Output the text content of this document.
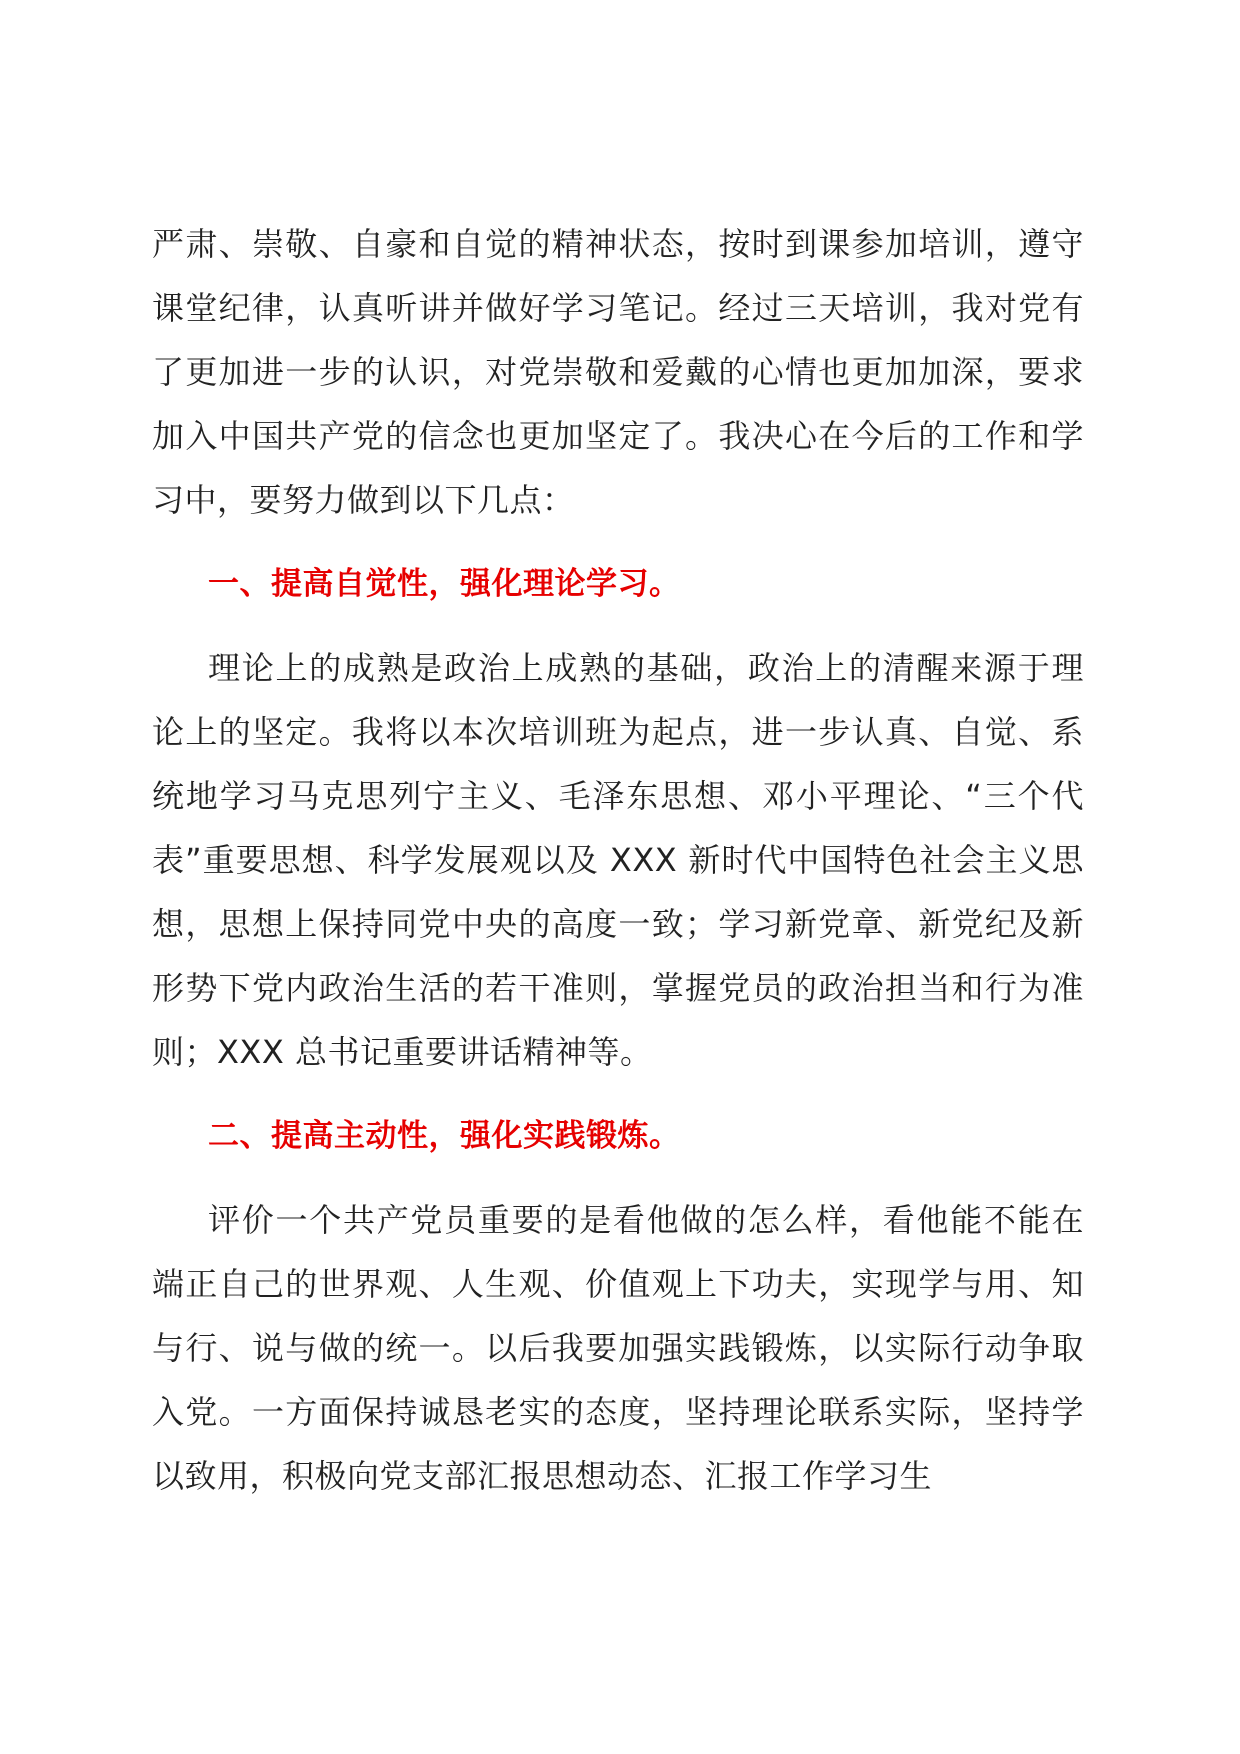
严肃、崇敬、自豪和自觉的精神状态，按时到课参加培训，遵守课堂纪律，认真听讲并做好学习笔记。经过三天培训，我对党有了更加进一步的认识，对党崇敬和爱戴的心情也更加加深，要求加入中国共产党的信念也更加坚定了。我决心在今后的工作和学习中，要努力做到以下几点：

一、提高自觉性，强化理论学习。

理论上的成熟是政治上成熟的基础，政治上的清醒来源于理论上的坚定。我将以本次培训班为起点，进一步认真、自觉、系统地学习马克思列宁主义、毛泽东思想、邓小平理论、“三个代表”重要思想、科学发展观以及 XXX 新时代中国特色社会主义思想，思想上保持同党中央的高度一致；学习新党章、新党纪及新形势下党内政治生活的若干准则，掌握党员的政治担当和行为准则；XXX 总书记重要讲话精神等。

二、提高主动性，强化实践锻炼。

评价一个共产党员重要的是看他做的怎么样，看他能不能在端正自己的世界观、人生观、价值观上下功夫，实现学与用、知与行、说与做的统一。以后我要加强实践锻炼，以实际行动争取入党。一方面保持诚恳老实的态度，坚持理论联系实际，坚持学以致用，积极向党支部汇报思想动态、汇报工作学习生
